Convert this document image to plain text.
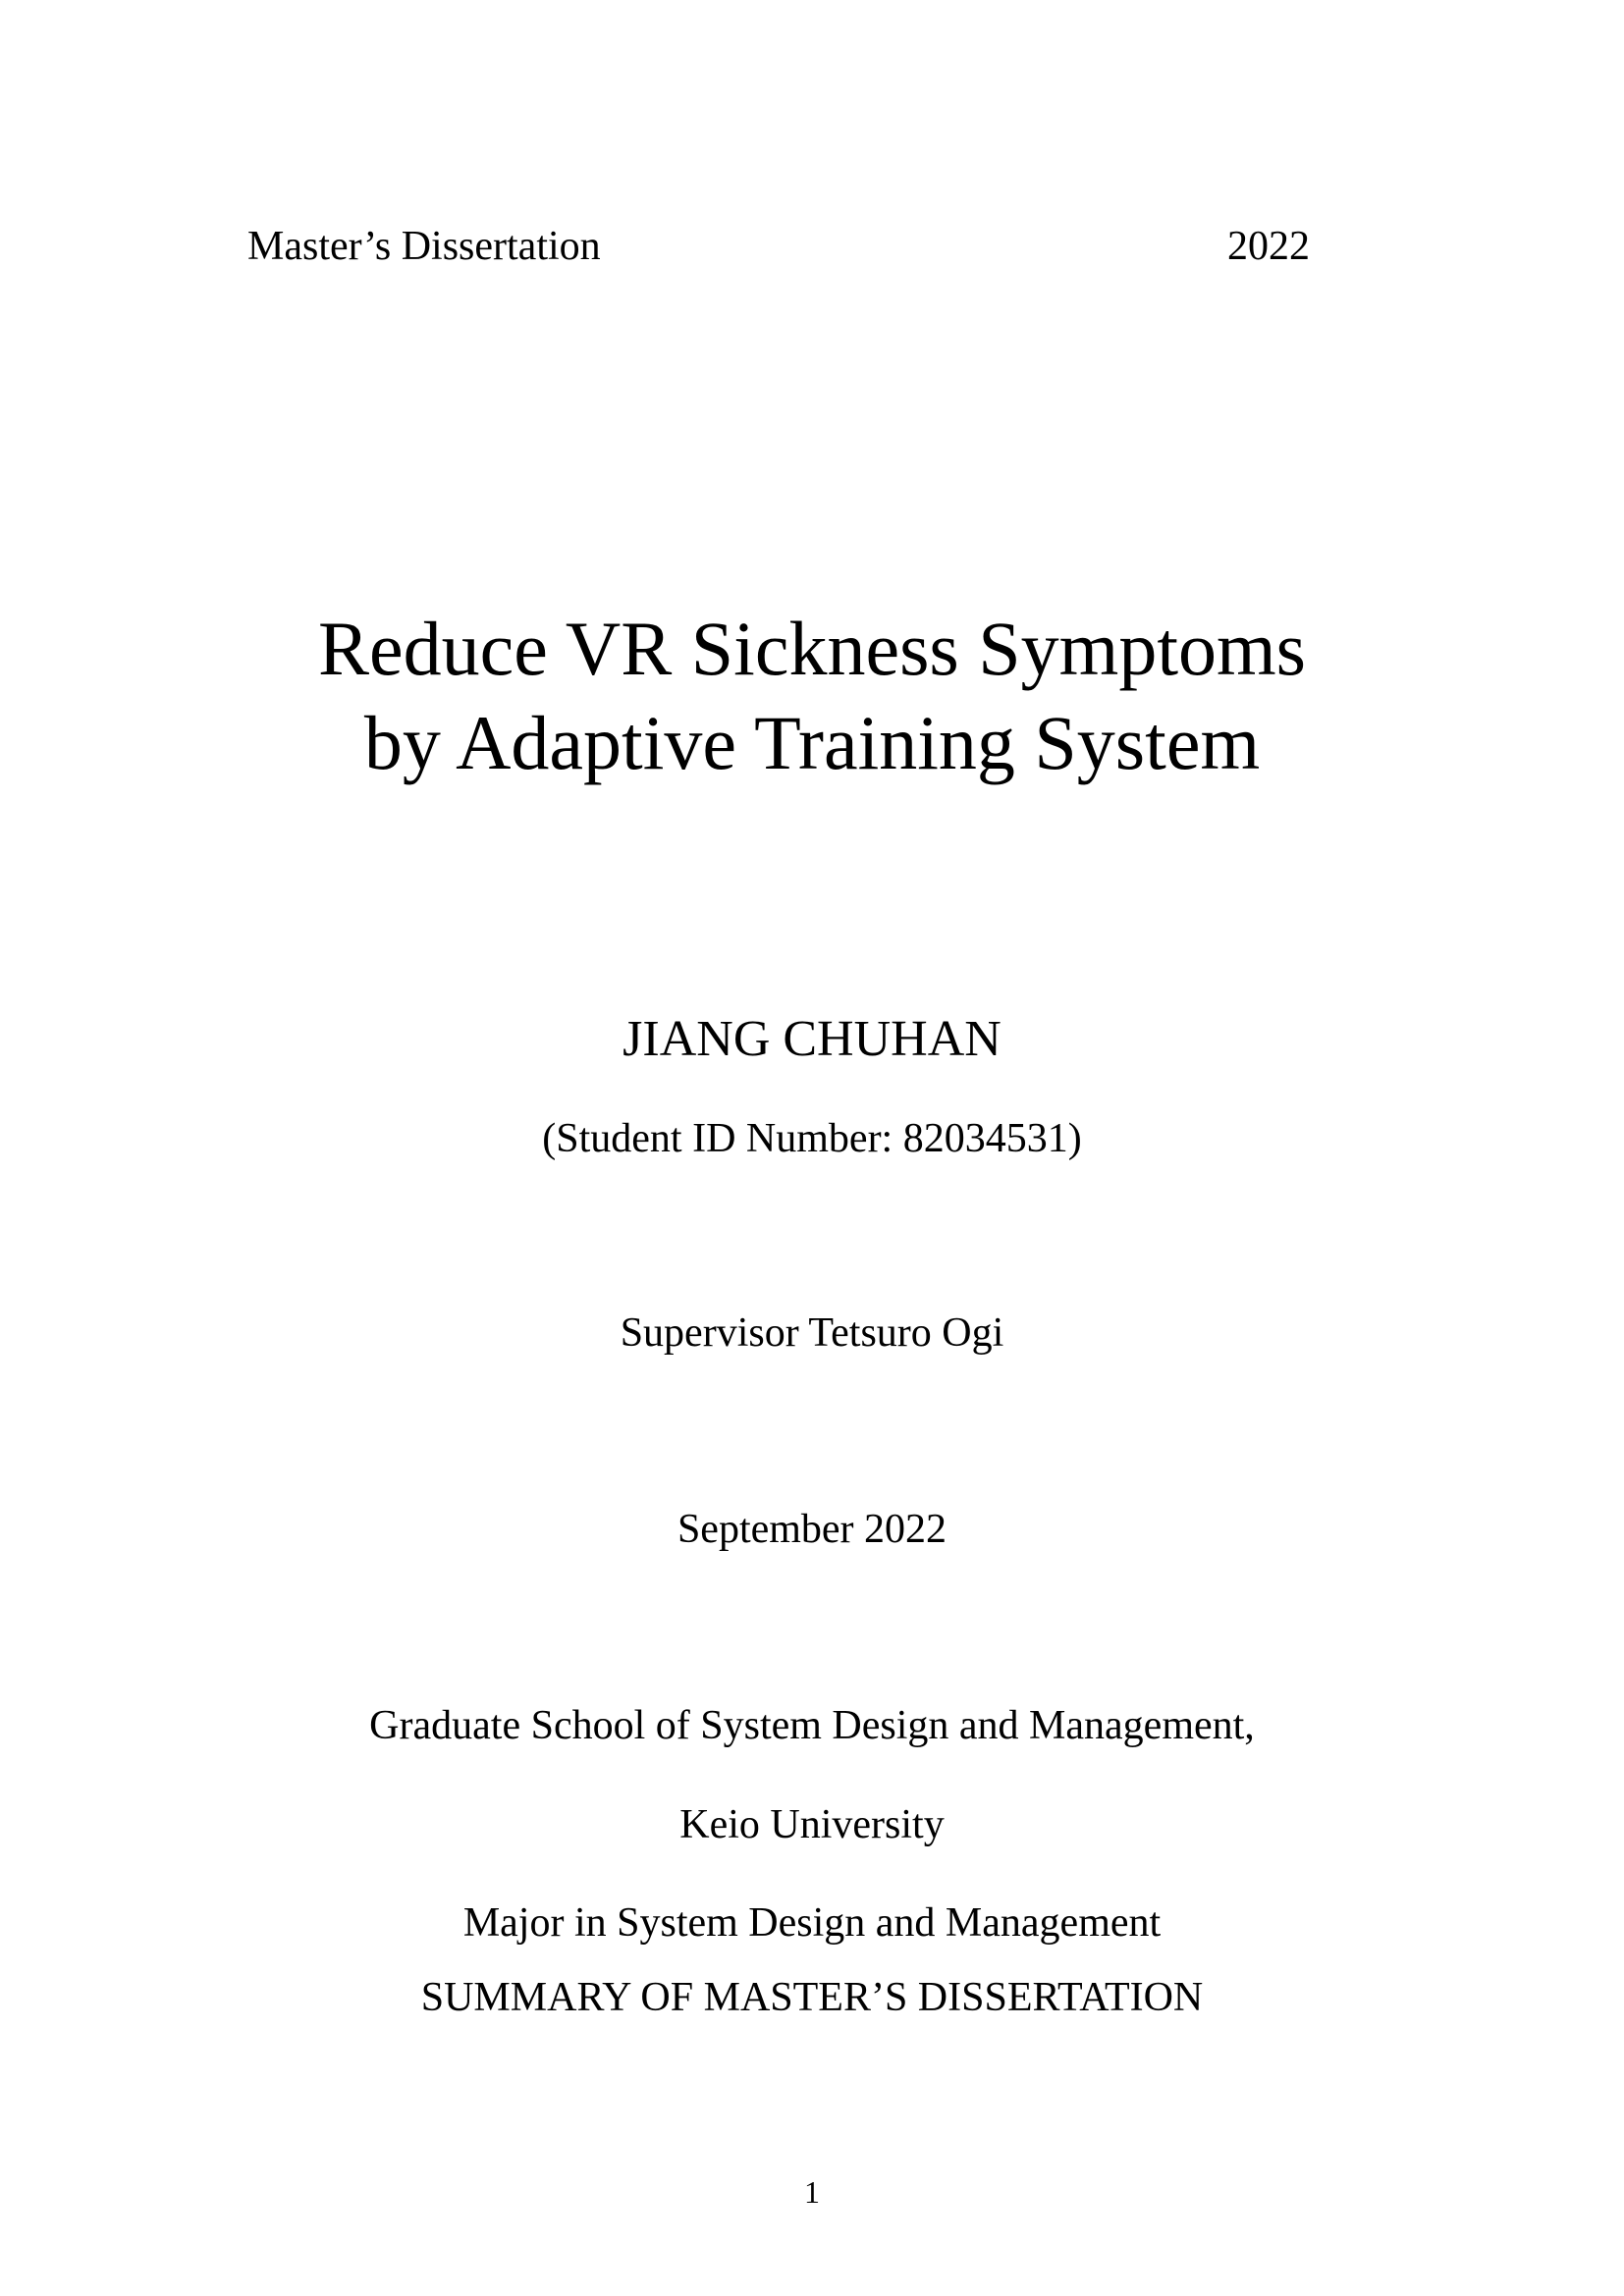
Master’s Dissertation	2022
Reduce VR Sickness Symptoms
by Adaptive Training System
JIANG CHUHAN
(Student ID Number: 82034531)
Supervisor Tetsuro Ogi
September 2022
Graduate School of System Design and Management,
Keio University
Major in System Design and Management
SUMMARY OF MASTER’S DISSERTATION
1
